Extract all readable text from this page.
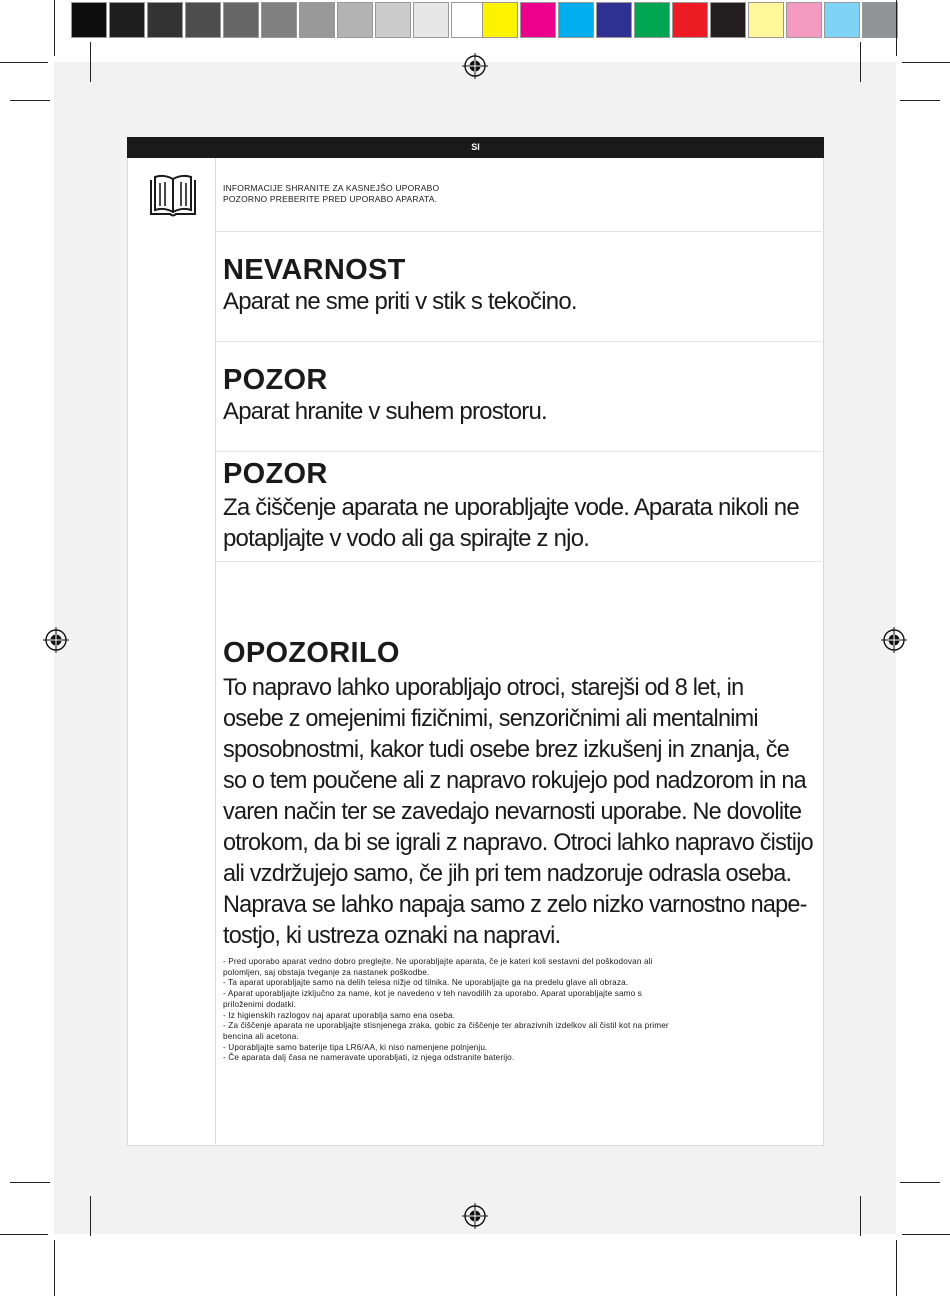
SI
INFORMACIJE SHRANITE ZA KASNEJŠO UPORABO
POZORNO PREBERITE PRED UPORABO APARATA.
NEVARNOST
Aparat ne sme priti v stik s tekočino.
POZOR
Aparat hranite v suhem prostoru.
POZOR
Za čiščenje aparata ne uporabljajte vode. Aparata nikoli ne
potapljajte v vodo ali ga spirajte z njo.
OPOZORILO
To napravo lahko uporabljajo otroci, starejši od 8 let, in
osebe z omejenimi fizičnimi, senzoričnimi ali mentalnimi
sposobnostmi, kakor tudi osebe brez izkušenj in znanja, če
so o tem poučene ali z napravo rokujejo pod nadzorom in na
varen način ter se zavedajo nevarnosti uporabe. Ne dovolite
otrokom, da bi se igrali z napravo. Otroci lahko napravo čistijo
ali vzdržujejo samo, če jih pri tem nadzoruje odrasla oseba.
Naprava se lahko napaja samo z zelo nizko varnostno nape-
tostjo, ki ustreza oznaki na napravi.
- Pred uporabo aparat vedno dobro preglejte. Ne uporabljajte aparata, če je kateri koli sestavni del poškodovan ali
polomljen, saj obstaja tveganje za nastanek poškodbe.
- Ta aparat uporabljajte samo na delih telesa nižje od tilnika. Ne uporabljajte ga na predelu glave ali obraza.
- Aparat uporabljajte izključno za name, kot je navedeno v teh navodilih za uporabo. Aparat uporabljajte samo s
priloženimi dodatki.
- Iz higienskih razlogov naj aparat uporablja samo ena oseba.
- Za čiščenje aparata ne uporabljajte stisnjenega zraka, gobic za čiščenje ter abrazivnih izdelkov ali čistil kot na primer
bencina ali acetona.
- Uporabljajte samo baterije tipa LR6/AA, ki niso namenjene polnjenju.
- Če aparata dalj časa ne nameravate uporabljati, iz njega odstranite baterijo.
